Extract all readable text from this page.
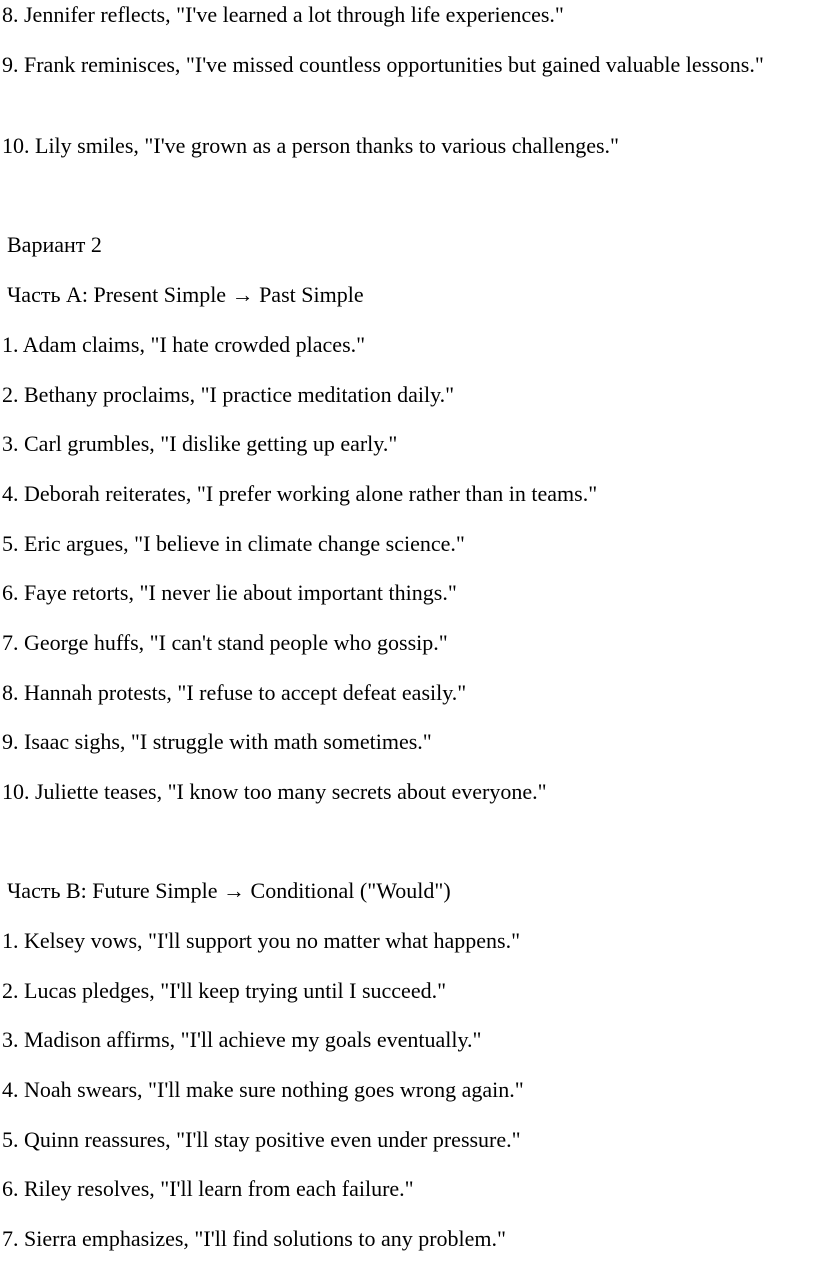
8. Jennifer reflects, "I've learned a lot through life experiences."
9. Frank reminisces, "I've missed countless opportunities but gained valuable lessons."
10. Lily smiles, "I've grown as a person thanks to various challenges."
Вариант 2
Часть A: Present Simple → Past Simple
1. Adam claims, "I hate crowded places."
2. Bethany proclaims, "I practice meditation daily."
3. Carl grumbles, "I dislike getting up early."
4. Deborah reiterates, "I prefer working alone rather than in teams."
5. Eric argues, "I believe in climate change science."
6. Faye retorts, "I never lie about important things."
7. George huffs, "I can't stand people who gossip."
8. Hannah protests, "I refuse to accept defeat easily."
9. Isaac sighs, "I struggle with math sometimes."
10. Juliette teases, "I know too many secrets about everyone."
Часть B: Future Simple → Conditional ("Would")
1. Kelsey vows, "I'll support you no matter what happens."
2. Lucas pledges, "I'll keep trying until I succeed."
3. Madison affirms, "I'll achieve my goals eventually."
4. Noah swears, "I'll make sure nothing goes wrong again."
5. Quinn reassures, "I'll stay positive even under pressure."
6. Riley resolves, "I'll learn from each failure."
7. Sierra emphasizes, "I'll find solutions to any problem."
